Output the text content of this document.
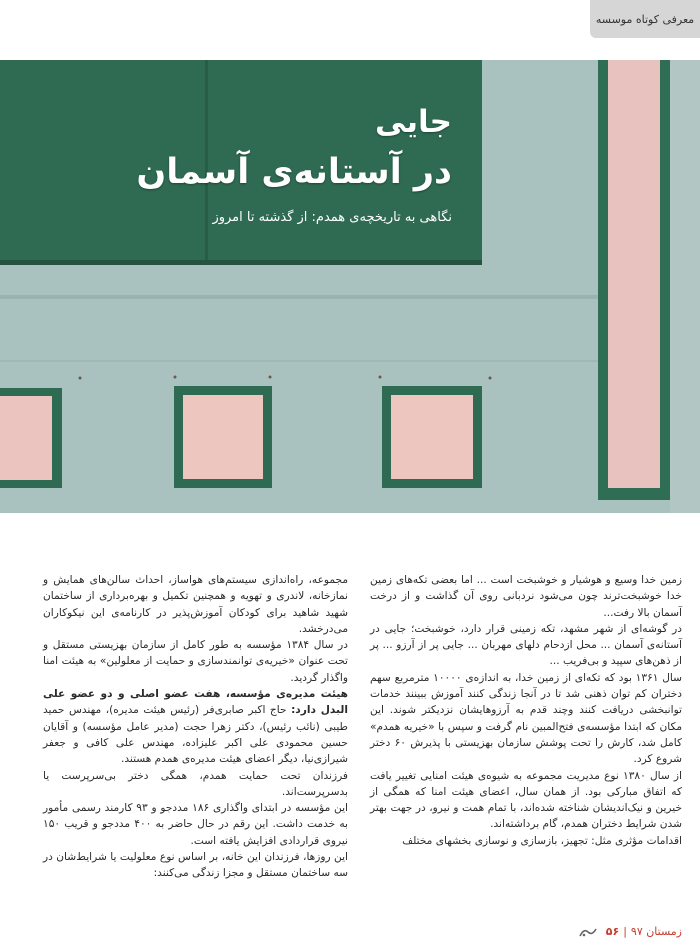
معرفی کوتاه موسسه
جایی
در آستانه‌ی آسمان
نگاهی به تاریخچه‌ی همدم: از گذشته تا امروز

زمین خدا وسیع و هوشیار و خوشبخت است ... اما بعضی تکه‌های زمین خدا خوشبخت‌ترند چون می‌شود نردبانی روی آن گذاشت و از درخت آسمان بالا رفت...

در گوشه‌ای از شهر مشهد، تکه زمینی قرار دارد، خوشبخت؛ جایی در آستانه‌ی آسمان ... محل ازدحام دلهای مهربان ... جایی پر از آرزو ... پر از ذهن‌های سپید و بی‌فریب ...

سال ۱۳۶۱ بود که تکه‌ای از زمین خدا، به اندازه‌ی ۱۰۰۰۰ مترمربع سهم دختران کم توان ذهنی شد تا در آنجا زندگی کنند آموزش ببینند خدمات توانبخشی دریافت کنند وچند قدم به آرزوهایشان نزدیکتر شوند. این مکان که ابتدا مؤسسه‌ی فتح‌المبین نام گرفت و سپس با «خیریه همدم» کامل شد، کارش را تحت پوشش سازمان بهزیستی با پذیرش ۶۰ دختر شروع کرد.

از سال ۱۳۸۰ نوع مدیریت مجموعه به شیوه‌ی هیئت امنایی تغییر یافت که اتفاق مبارکی بود. از همان سال، اعضای هیئت امنا که همگی از خیرین و نیک‌اندیشان شناخته شده‌اند، با تمام همت و نیرو، در جهت بهتر شدن شرایط دختران همدم، گام برداشته‌اند.

اقدامات مؤثری مثل: تجهیز، بازسازی و نوسازی بخشهای مختلف

مجموعه، راه‌اندازی سیستم‌های هواساز، احداث سالن‌های همایش و نمازخانه، لاندری و تهویه و همچنین تکمیل و بهره‌برداری از ساختمان شهید شاهید برای کودکان آموزش‌پذیر در کارنامه‌ی این نیکوکاران می‌درخشد.

در سال ۱۳۸۴ مؤسسه به طور کامل از سازمان بهزیستی مستقل و تحت عنوان «خیریه‌ی توانمندسازی و حمایت از معلولین» به هیئت امنا واگذار گردید.

هیئت مدیره‌ی مؤسسه، هفت عضو اصلی و دو عضو علی البدل دارد: حاج اکبر صابری‌فر (رئیس هیئت مدیره)، مهندس حمید طیبی (نائب رئیس)، دکتر زهرا حجت (مدیر عامل مؤسسه) و آقایان حسین محمودی علی اکبر علیزاده، مهندس علی کافی و جعفر شیرازی‌نیا، دیگر اعضای هیئت مدیره‌ی همدم هستند.

فرزندان تحت حمایت همدم، همگی دختر بی‌سرپرست یا بدسرپرست‌اند.

این مؤسسه در ابتدای واگذاری ۱۸۶ مددجو و ۹۳ کارمند رسمی مأمور به خدمت داشت. این رقم در حال حاضر به ۴۰۰ مددجو و قریب ۱۵۰ نیروی قراردادی افزایش یافته است.

این روزها، فرزندان این خانه، بر اساس نوع معلولیت یا شرایط‌شان در سه ساختمان مستقل و مجزا زندگی می‌کنند:

زمستان ۹۷
|
۵۶
